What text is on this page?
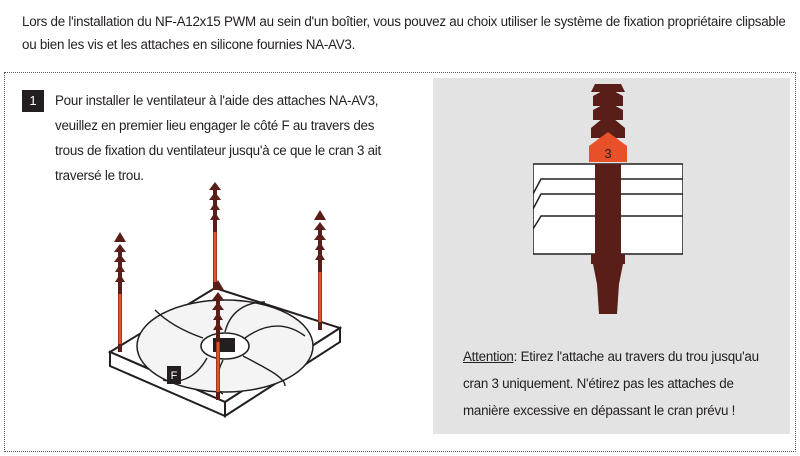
Lors de l'installation du NF-A12x15 PWM au sein d'un boîtier, vous pouvez au choix utiliser le système de fixation propriétaire clipsable ou bien les vis et les attaches en silicone fournies NA-AV3.

1	Pour installer le ventilateur à l'aide des attaches NA-AV3, veuillez en premier lieu engager le côté F au travers des trous de fixation du ventilateur jusqu'à ce que le cran 3 ait traversé le trou.

F
3

Attention: Etirez l'attache au travers du trou jusqu'au cran 3 uniquement. N'étirez pas les attaches de manière excessive en dépassant le cran prévu !
